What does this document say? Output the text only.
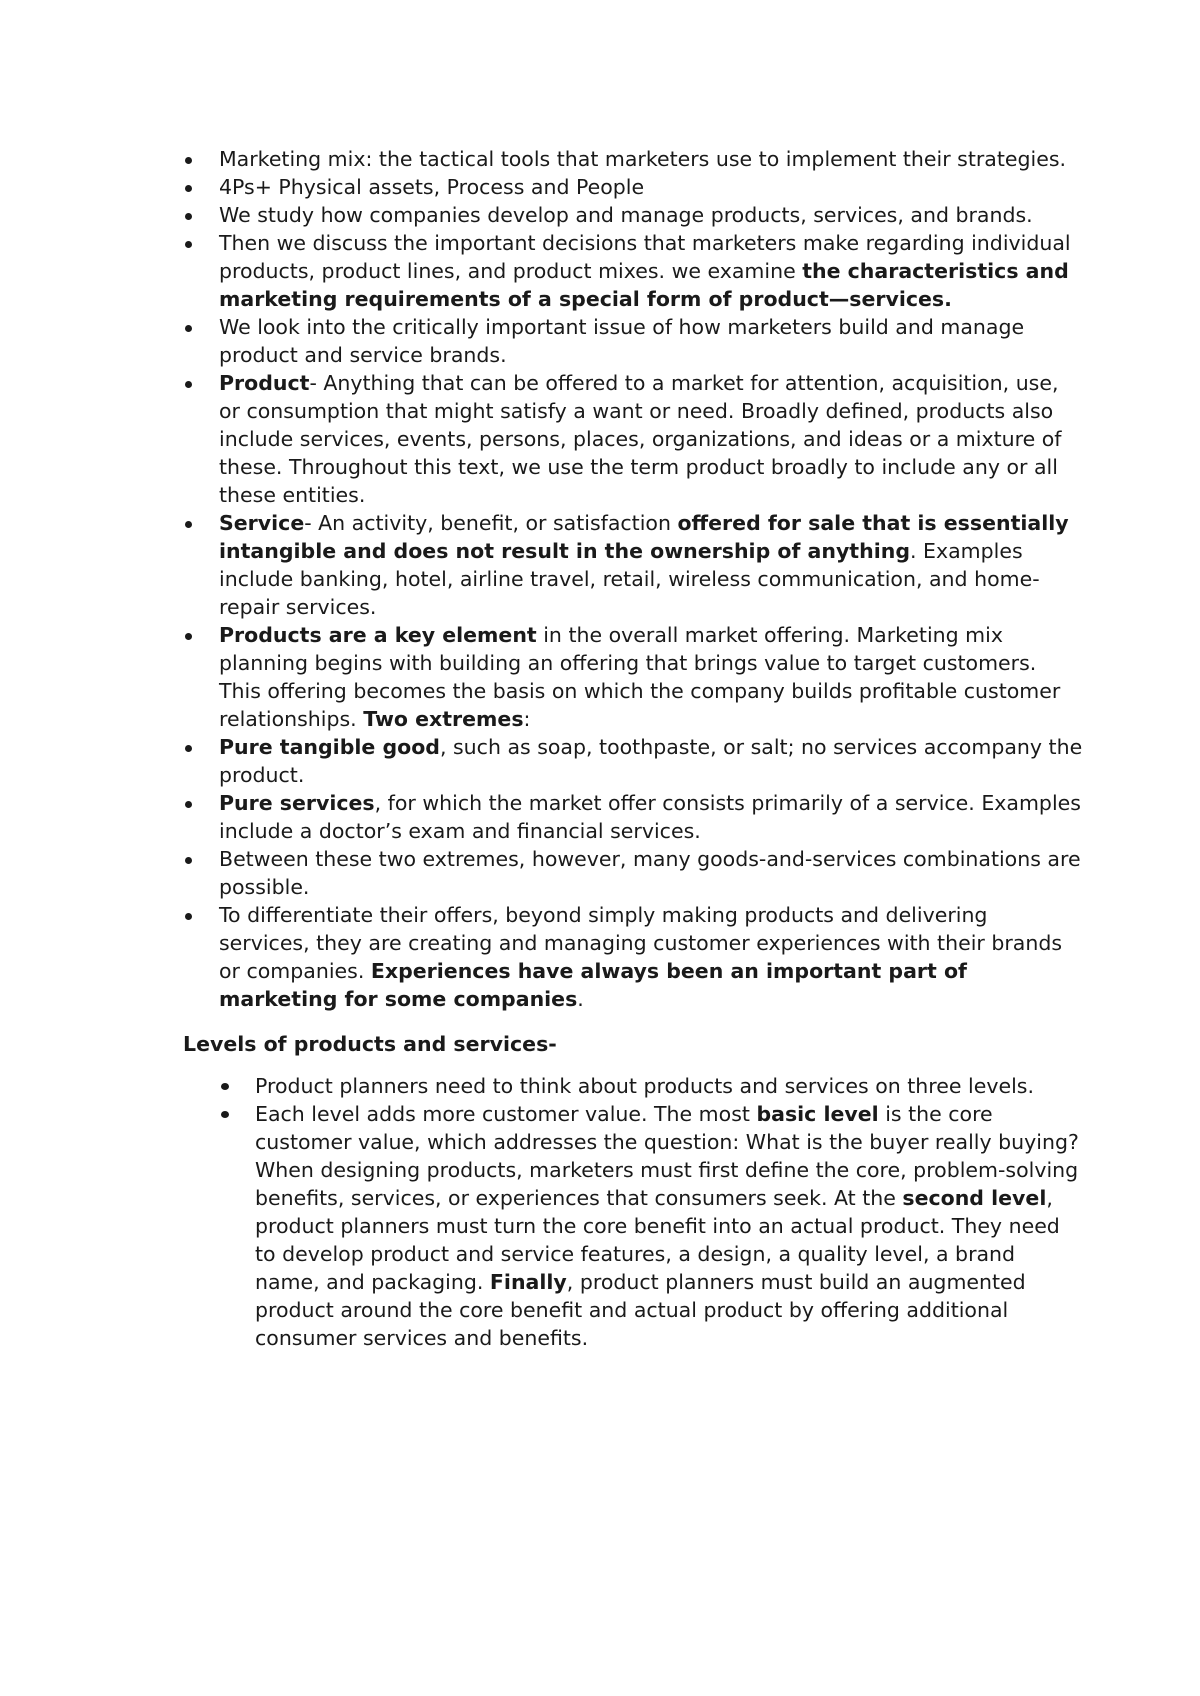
Marketing mix: the tactical tools that marketers use to implement their strategies.
4Ps+ Physical assets, Process and People
We study how companies develop and manage products, services, and brands.
Then we discuss the important decisions that marketers make regarding individual products, product lines, and product mixes. we examine the characteristics and marketing requirements of a special form of product—services.
We look into the critically important issue of how marketers build and manage product and service brands.
Product- Anything that can be offered to a market for attention, acquisition, use, or consumption that might satisfy a want or need. Broadly defined, products also include services, events, persons, places, organizations, and ideas or a mixture of these. Throughout this text, we use the term product broadly to include any or all these entities.
Service- An activity, benefit, or satisfaction offered for sale that is essentially intangible and does not result in the ownership of anything. Examples include banking, hotel, airline travel, retail, wireless communication, and home-repair services.
Products are a key element in the overall market offering. Marketing mix planning begins with building an offering that brings value to target customers. This offering becomes the basis on which the company builds profitable customer relationships. Two extremes:
Pure tangible good, such as soap, toothpaste, or salt; no services accompany the product.
Pure services, for which the market offer consists primarily of a service. Examples include a doctor’s exam and financial services.
Between these two extremes, however, many goods-and-services combinations are possible.
To differentiate their offers, beyond simply making products and delivering services, they are creating and managing customer experiences with their brands or companies. Experiences have always been an important part of marketing for some companies.
Levels of products and services-
Product planners need to think about products and services on three levels.
Each level adds more customer value. The most basic level is the core customer value, which addresses the question: What is the buyer really buying? When designing products, marketers must first define the core, problem-solving benefits, services, or experiences that consumers seek. At the second level, product planners must turn the core benefit into an actual product. They need to develop product and service features, a design, a quality level, a brand name, and packaging. Finally, product planners must build an augmented product around the core benefit and actual product by offering additional consumer services and benefits.
